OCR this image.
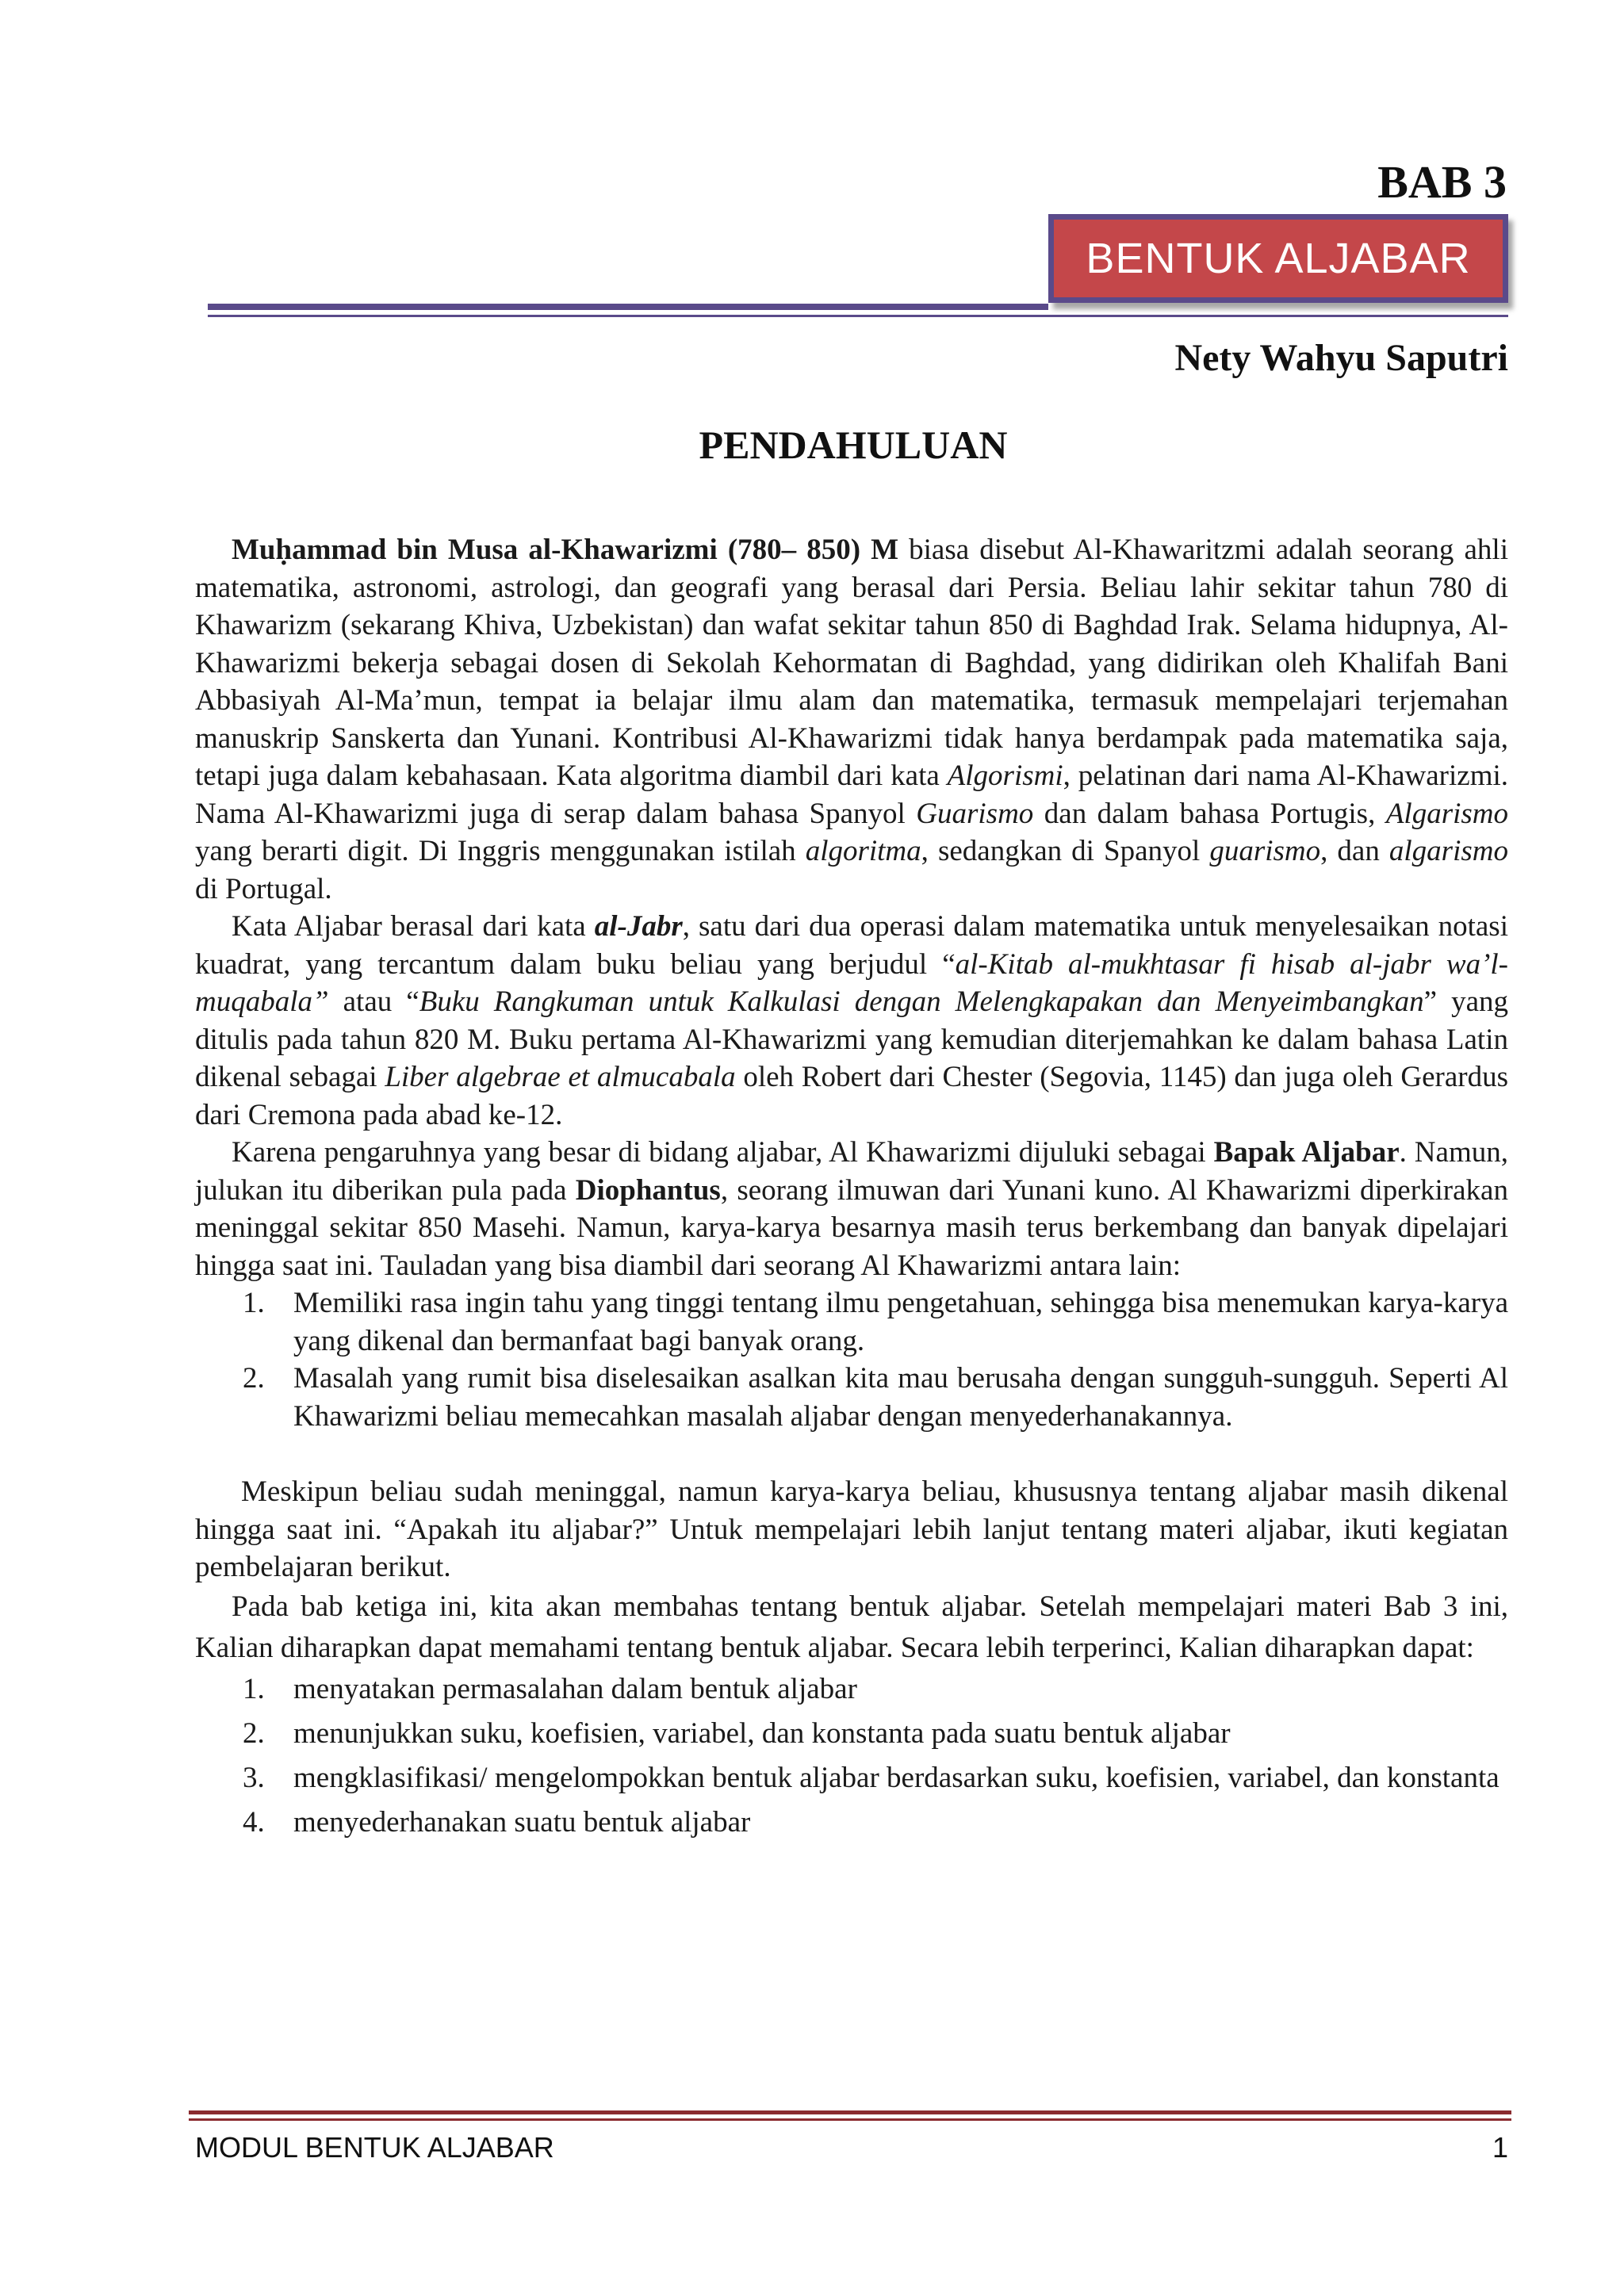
BAB 3
BENTUK ALJABAR
Nety Wahyu Saputri
PENDAHULUAN

Muḥammad bin Musa al-Khawarizmi (780– 850) M biasa disebut Al-Khawaritzmi adalah seorang ahli matematika, astronomi, astrologi, dan geografi yang berasal dari Persia. Beliau lahir sekitar tahun 780 di Khawarizm (sekarang Khiva, Uzbekistan) dan wafat sekitar tahun 850 di Baghdad Irak. Selama hidupnya, Al-Khawarizmi bekerja sebagai dosen di Sekolah Kehormatan di Baghdad, yang didirikan oleh Khalifah Bani Abbasiyah Al-Ma’mun, tempat ia belajar ilmu alam dan matematika, termasuk mempelajari terjemahan manuskrip Sanskerta dan Yunani. Kontribusi Al-Khawarizmi tidak hanya berdampak pada matematika saja, tetapi juga dalam kebahasaan. Kata algoritma diambil dari kata Algorismi, pelatinan dari nama Al-Khawarizmi. Nama Al-Khawarizmi juga di serap dalam bahasa Spanyol Guarismo dan dalam bahasa Portugis, Algarismo yang berarti digit. Di Inggris menggunakan istilah algoritma, sedangkan di Spanyol guarismo, dan algarismo di Portugal.

Kata Aljabar berasal dari kata al-Jabr, satu dari dua operasi dalam matematika untuk menyelesaikan notasi kuadrat, yang tercantum dalam buku beliau yang berjudul “al-Kitab al-mukhtasar fi hisab al-jabr wa’l-muqabala” atau “Buku Rangkuman untuk Kalkulasi dengan Melengkapakan dan Menyeimbangkan” yang ditulis pada tahun 820 M. Buku pertama Al-Khawarizmi yang kemudian diterjemahkan ke dalam bahasa Latin dikenal sebagai Liber algebrae et almucabala oleh Robert dari Chester (Segovia, 1145) dan juga oleh Gerardus dari Cremona pada abad ke-12.

Karena pengaruhnya yang besar di bidang aljabar, Al Khawarizmi dijuluki sebagai Bapak Aljabar. Namun, julukan itu diberikan pula pada Diophantus, seorang ilmuwan dari Yunani kuno. Al Khawarizmi diperkirakan meninggal sekitar 850 Masehi. Namun, karya-karya besarnya masih terus berkembang dan banyak dipelajari hingga saat ini. Tauladan yang bisa diambil dari seorang Al Khawarizmi antara lain:

1. Memiliki rasa ingin tahu yang tinggi tentang ilmu pengetahuan, sehingga bisa menemukan karya-karya yang dikenal dan bermanfaat bagi banyak orang.
2. Masalah yang rumit bisa diselesaikan asalkan kita mau berusaha dengan sungguh-sungguh. Seperti Al Khawarizmi beliau memecahkan masalah aljabar dengan menyederhanakannya.

Meskipun beliau sudah meninggal, namun karya-karya beliau, khususnya tentang aljabar masih dikenal hingga saat ini. “Apakah itu aljabar?” Untuk mempelajari lebih lanjut tentang materi aljabar, ikuti kegiatan pembelajaran berikut.

Pada bab ketiga ini, kita akan membahas tentang bentuk aljabar. Setelah mempelajari materi Bab 3 ini, Kalian diharapkan dapat memahami tentang bentuk aljabar. Secara lebih terperinci, Kalian diharapkan dapat:

1. menyatakan permasalahan dalam bentuk aljabar
2. menunjukkan suku, koefisien, variabel, dan konstanta pada suatu bentuk aljabar
3. mengklasifikasi/ mengelompokkan bentuk aljabar berdasarkan suku, koefisien, variabel, dan konstanta
4. menyederhanakan suatu bentuk aljabar
MODUL BENTUK ALJABAR	1
